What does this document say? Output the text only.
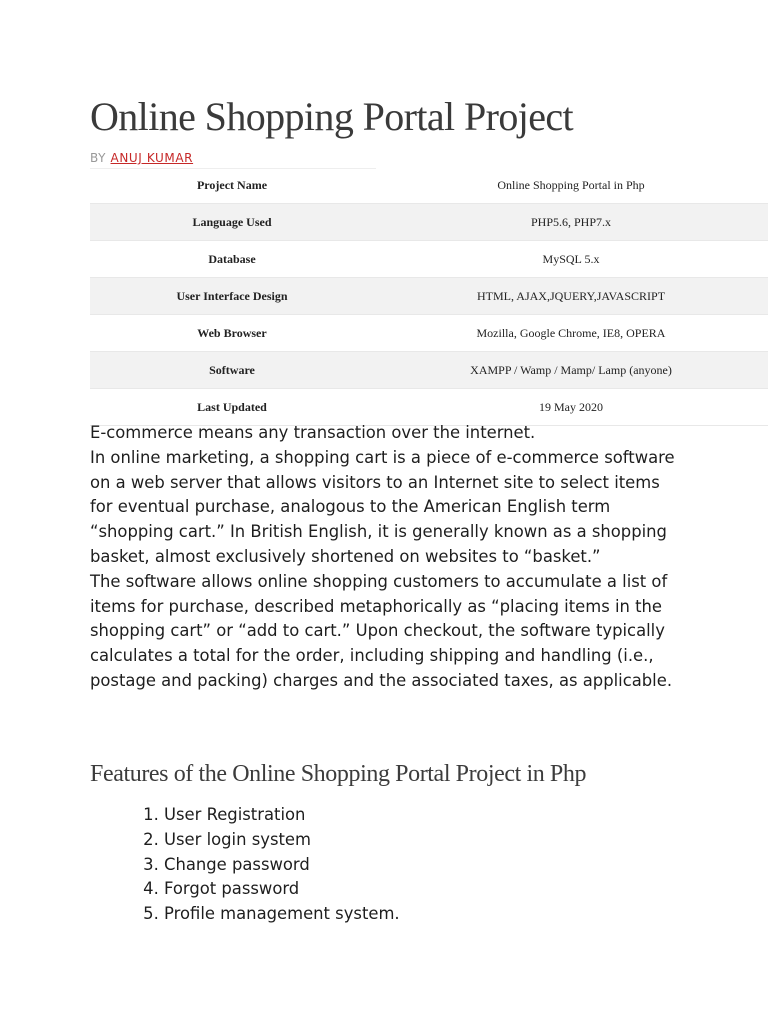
Online Shopping Portal Project
BY ANUJ KUMAR
Project Name	Online Shopping Portal in Php
Language Used	PHP5.6, PHP7.x
Database	MySQL 5.x
User Interface Design	HTML, AJAX,JQUERY,JAVASCRIPT
Web Browser	Mozilla, Google Chrome, IE8, OPERA
Software	XAMPP / Wamp / Mamp/ Lamp (anyone)
Last Updated	19 May 2020

E-commerce means any transaction over the internet.

In online marketing, a shopping cart is a piece of e-commerce software on a web server that allows visitors to an Internet site to select items for eventual purchase, analogous to the American English term “shopping cart.” In British English, it is generally known as a shopping basket, almost exclusively shortened on websites to “basket.”

The software allows online shopping customers to accumulate a list of items for purchase, described metaphorically as “placing items in the shopping cart” or “add to cart.” Upon checkout, the software typically calculates a total for the order, including shipping and handling (i.e., postage and packing) charges and the associated taxes, as applicable.

Features of the Online Shopping Portal Project in Php
1. User Registration
2. User login system
3. Change password
4. Forgot password
5. Profile management system.
